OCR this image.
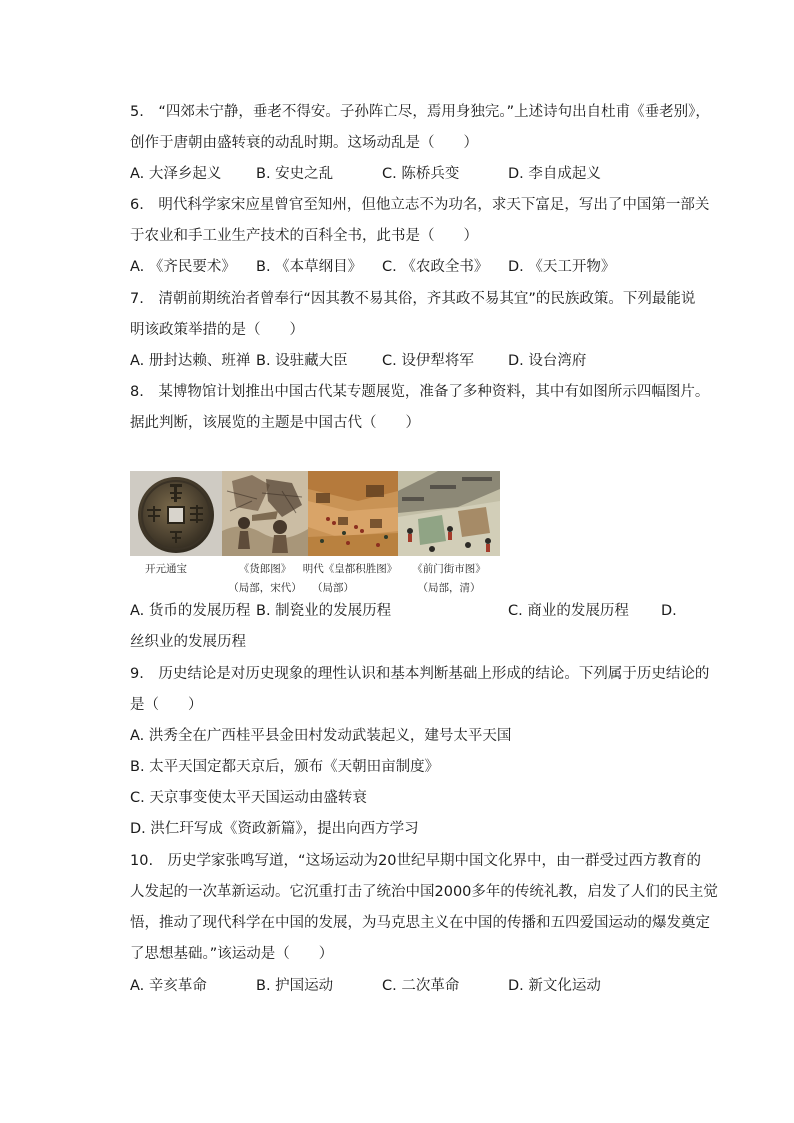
5.　“四郊未宁静，垂老不得安。子孙阵亡尽，焉用身独完。”上述诗句出自杜甫《垂老别》，
创作于唐朝由盛转衰的动乱时期。这场动乱是（　　）
A. 大泽乡起义 B. 安史之乱	C. 陈桥兵变	D. 李自成起义
6.　明代科学家宋应星曾官至知州，但他立志不为功名，求天下富足，写出了中国第一部关
于农业和手工业生产技术的百科全书，此书是（　　）
A. 《齐民要术》 B. 《本草纲目》 C. 《农政全书》 D. 《天工开物》
7.　清朝前期统治者曾奉行“因其教不易其俗，齐其政不易其宜”的民族政策。下列最能说
明该政策举措的是（　　）
A. 册封达赖、班禅 B. 设驻藏大臣 C. 设伊犁将军 D. 设台湾府
8.　某博物馆计划推出中国古代某专题展览，准备了多种资料，其中有如图所示四幅图片。
据此判断，该展览的主题是中国古代（　　）
开元通宝	《货郎图》
（局部，宋代）
明代《皇都积胜图》
（局部）
《前门街市图》
（局部，清）
A. 货币的发展历程 B. 制瓷业的发展历程	C. 商业的发展历程 D.
丝织业的发展历程
9.　历史结论是对历史现象的理性认识和基本判断基础上形成的结论。下列属于历史结论的
是（　　）
A. 洪秀全在广西桂平县金田村发动武装起义，建号太平天国
B. 太平天国定都天京后，颁布《天朝田亩制度》
C. 天京事变使太平天国运动由盛转衰
D. 洪仁玕写成《资政新篇》，提出向西方学习
10.　历史学家张鸣写道，“这场运动为20世纪早期中国文化界中，由一群受过西方教育的
人发起的一次革新运动。它沉重打击了统治中国2000多年的传统礼教，启发了人们的民主觉
悟，推动了现代科学在中国的发展，为马克思主义在中国的传播和五四爱国运动的爆发奠定
了思想基础。”该运动是（　　）
A. 辛亥革命	B. 护国运动	C. 二次革命	D. 新文化运动
